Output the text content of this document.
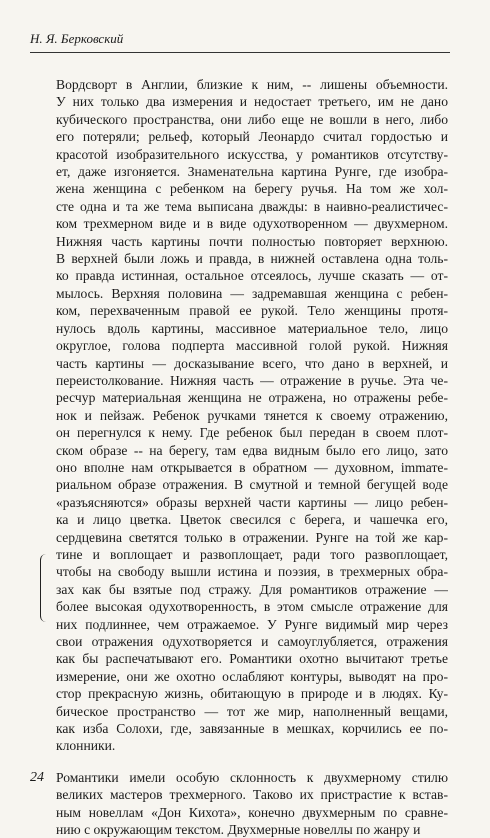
Н. Я. Берковский

Вордсворт в Англии, близкие к ним, -- лишены объемности.
У них только два измерения и недостает третьего, им не дано
кубического пространства, они либо еще не вошли в него, либо
его потеряли; рельеф, который Леонардо считал гордостью и
красотой изобразительного искусства, у романтиков отсутству-
ет, даже изгоняется. Знаменательна картина Рунге, где изобра-
жена женщина с ребенком на берегу ручья. На том же хол-
сте одна и та же тема выписана дважды: в наивно-реалистичес-
ком трехмерном виде и в виде одухотворенном — двухмерном.
Нижняя часть картины почти полностью повторяет верхнюю.
В верхней были ложь и правда, в нижней оставлена одна толь-
ко правда истинная, остальное отсеялось, лучше сказать — от-
мылось. Верхняя половина — задремавшая женщина с ребен-
ком, перехваченным правой ее рукой. Тело женщины протя-
нулось вдоль картины, массивное материальное тело, лицо
округлое, голова подперта массивной голой рукой. Нижняя
часть картины — досказывание всего, что дано в верхней, и
переистолкование. Нижняя часть — отражение в ручье. Эта че-
ресчур материальная женщина не отражена, но отражены ребе-
нок и пейзаж. Ребенок ручками тянется к своему отражению,
он перегнулся к нему. Где ребенок был передан в своем плот-
ском образе -- на берегу, там едва видным было его лицо, зато
оно вполне нам открывается в обратном — духовном, immате-
риальном образе отражения. В смутной и темной бегущей воде
«разъясняются» образы верхней части картины — лицо ребен-
ка и лицо цветка. Цветок свесился с берега, и чашечка его,
сердцевина светятся только в отражении. Рунге на той же кар-
тине и воплощает и развоплощает, ради того развоплощает,
чтобы на свободу вышли истина и поэзия, в трехмерных обра-
зах как бы взятые под стражу. Для романтиков отражение —
более высокая одухотворенность, в этом смысле отражение для
них подлиннее, чем отражаемое. У Рунге видимый мир через
свои отражения одухотворяется и самоуглубляется, отражения
как бы распечатывают его. Романтики охотно вычитают третье
измерение, они же охотно ослабляют контуры, выводят на про-
стор прекрасную жизнь, обитающую в природе и в людях. Ку-
бическое пространство — тот же мир, наполненный вещами,
как изба Солохи, где, завязанные в мешках, корчились ее по-
клонники.

Романтики имели особую склонность к двухмерному стилю
великих мастеров трехмерного. Таково их пристрастие к встав-
ным новеллам «Дон Кихота», конечно двухмерным по сравне-
нию с окружающим текстом. Двухмерные новеллы по жанру и

24
